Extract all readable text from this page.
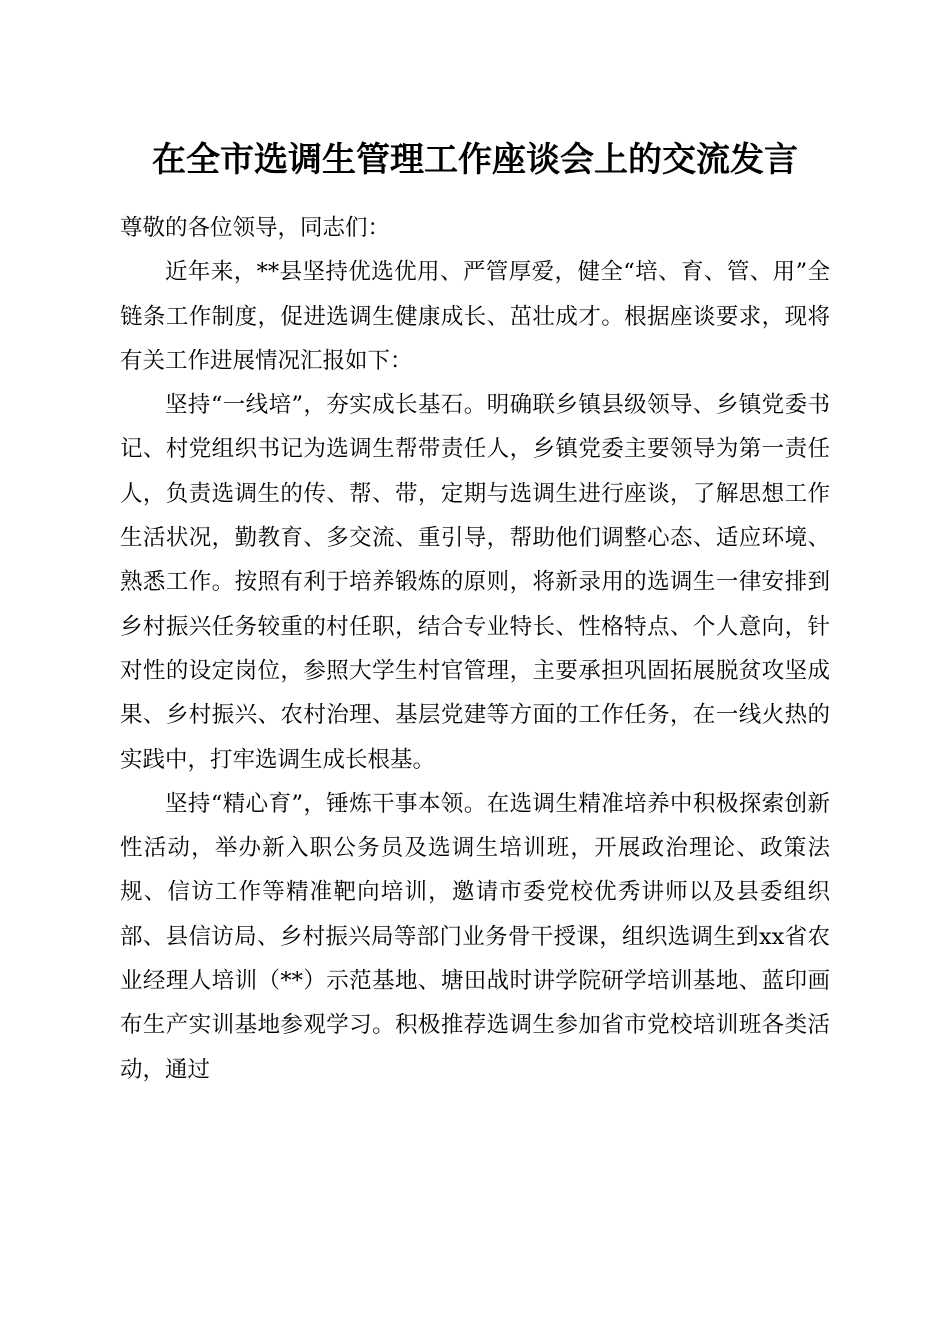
在全市选调生管理工作座谈会上的交流发言

尊敬的各位领导，同志们：

近年来，**县坚持优选优用、严管厚爱，健全“培、育、管、用”全链条工作制度，促进选调生健康成长、茁壮成才。根据座谈要求，现将有关工作进展情况汇报如下：

坚持“一线培”，夯实成长基石。明确联乡镇县级领导、乡镇党委书记、村党组织书记为选调生帮带责任人，乡镇党委主要领导为第一责任人，负责选调生的传、帮、带，定期与选调生进行座谈，了解思想工作生活状况，勤教育、多交流、重引导，帮助他们调整心态、适应环境、熟悉工作。按照有利于培养锻炼的原则，将新录用的选调生一律安排到乡村振兴任务较重的村任职，结合专业特长、性格特点、个人意向，针对性的设定岗位，参照大学生村官管理，主要承担巩固拓展脱贫攻坚成果、乡村振兴、农村治理、基层党建等方面的工作任务，在一线火热的实践中，打牢选调生成长根基。

坚持“精心育”，锤炼干事本领。在选调生精准培养中积极探索创新性活动，举办新入职公务员及选调生培训班，开展政治理论、政策法规、信访工作等精准靶向培训，邀请市委党校优秀讲师以及县委组织部、县信访局、乡村振兴局等部门业务骨干授课，组织选调生到xx省农业经理人培训（**）示范基地、塘田战时讲学院研学培训基地、蓝印画布生产实训基地参观学习。积极推荐选调生参加省市党校培训班各类活动，通过
